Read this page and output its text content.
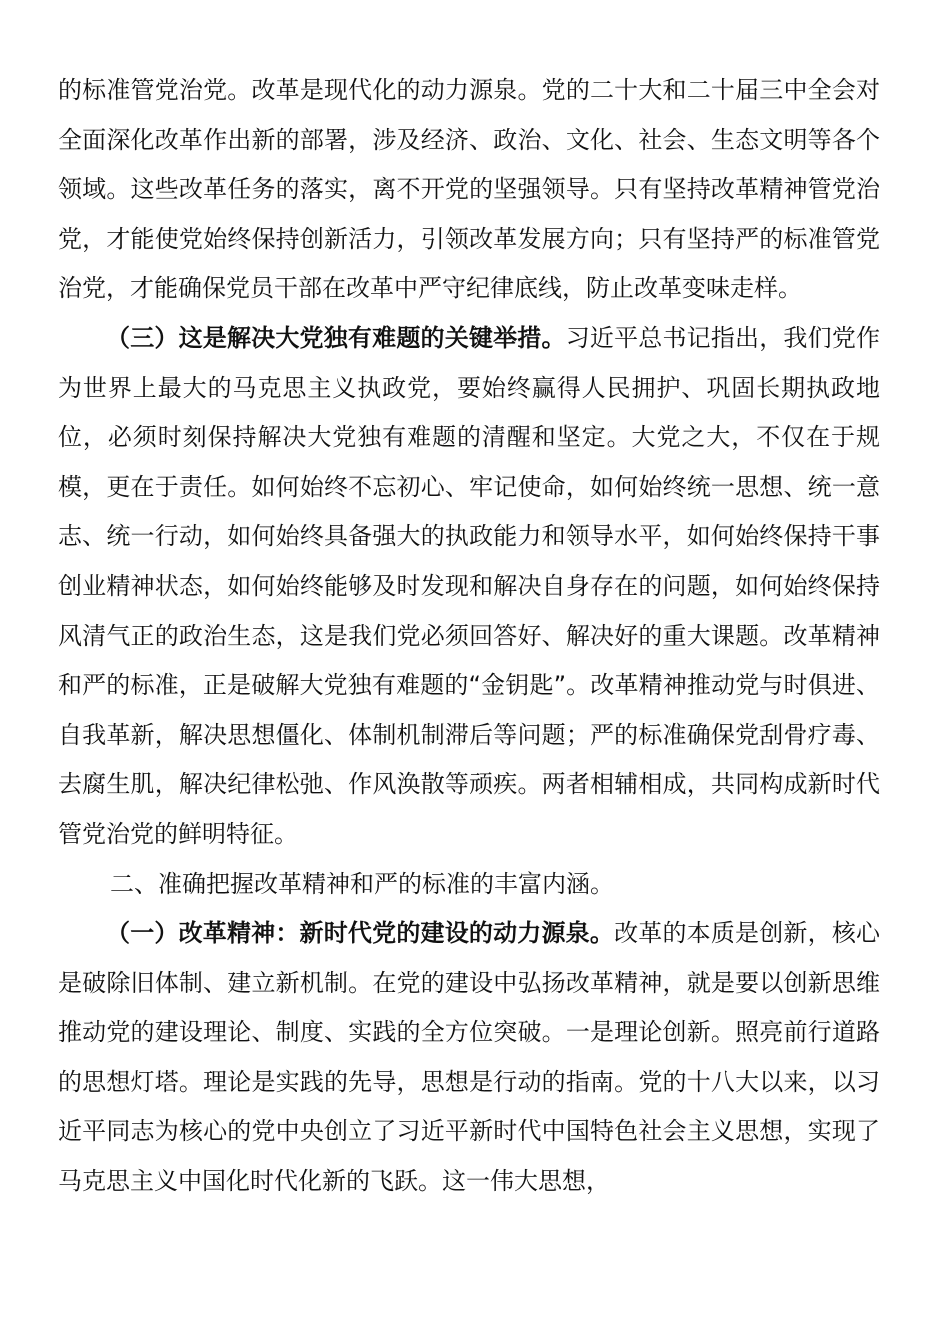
的标准管党治党。改革是现代化的动力源泉。党的二十大和二十届三中全会对全面深化改革作出新的部署，涉及经济、政治、文化、社会、生态文明等各个领域。这些改革任务的落实，离不开党的坚强领导。只有坚持改革精神管党治党，才能使党始终保持创新活力，引领改革发展方向；只有坚持严的标准管党治党，才能确保党员干部在改革中严守纪律底线，防止改革变味走样。

（三）这是解决大党独有难题的关键举措。习近平总书记指出，我们党作为世界上最大的马克思主义执政党，要始终赢得人民拥护、巩固长期执政地位，必须时刻保持解决大党独有难题的清醒和坚定。大党之大，不仅在于规模，更在于责任。如何始终不忘初心、牢记使命，如何始终统一思想、统一意志、统一行动，如何始终具备强大的执政能力和领导水平，如何始终保持干事创业精神状态，如何始终能够及时发现和解决自身存在的问题，如何始终保持风清气正的政治生态，这是我们党必须回答好、解决好的重大课题。改革精神和严的标准，正是破解大党独有难题的“金钥匙”。改革精神推动党与时俱进、自我革新，解决思想僵化、体制机制滞后等问题；严的标准确保党刮骨疗毒、去腐生肌，解决纪律松弛、作风涣散等顽疾。两者相辅相成，共同构成新时代管党治党的鲜明特征。

二、准确把握改革精神和严的标准的丰富内涵。

（一）改革精神：新时代党的建设的动力源泉。改革的本质是创新，核心是破除旧体制、建立新机制。在党的建设中弘扬改革精神，就是要以创新思维推动党的建设理论、制度、实践的全方位突破。一是理论创新。照亮前行道路的思想灯塔。理论是实践的先导，思想是行动的指南。党的十八大以来，以习近平同志为核心的党中央创立了习近平新时代中国特色社会主义思想，实现了马克思主义中国化时代化新的飞跃。这一伟大思想，
